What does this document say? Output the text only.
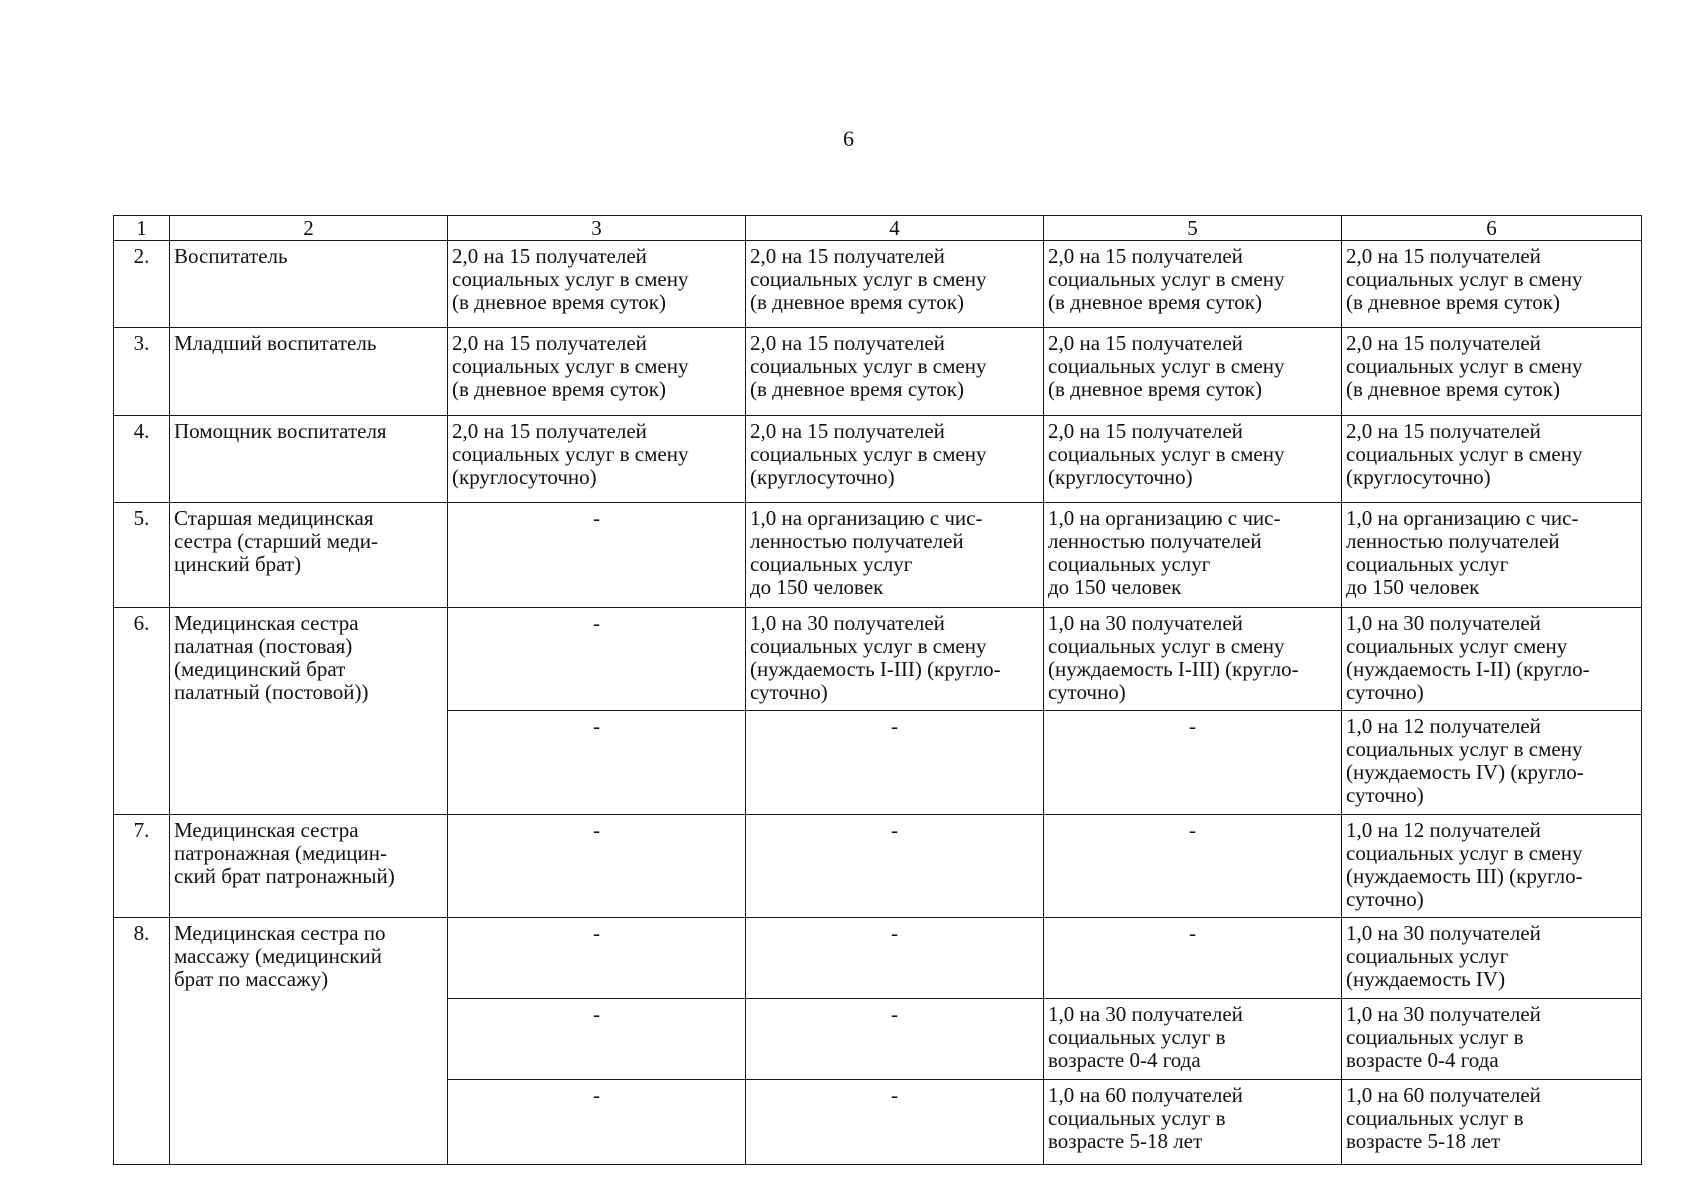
6
1	2	3	4	5	6
2.	Воспитатель	2,0 на 15 получателей
социальных услуг в смену
(в дневное время суток)	2,0 на 15 получателей
социальных услуг в смену
(в дневное время суток)	2,0 на 15 получателей
социальных услуг в смену
(в дневное время суток)	2,0 на 15 получателей
социальных услуг в смену
(в дневное время суток)
3.	Младший воспитатель	2,0 на 15 получателей
социальных услуг в смену
(в дневное время суток)	2,0 на 15 получателей
социальных услуг в смену
(в дневное время суток)	2,0 на 15 получателей
социальных услуг в смену
(в дневное время суток)	2,0 на 15 получателей
социальных услуг в смену
(в дневное время суток)
4.	Помощник воспитателя	2,0 на 15 получателей
социальных услуг в смену
(круглосуточно)	2,0 на 15 получателей
социальных услуг в смену
(круглосуточно)	2,0 на 15 получателей
социальных услуг в смену
(круглосуточно)	2,0 на 15 получателей
социальных услуг в смену
(круглосуточно)
5.	Старшая медицинская
сестра (старший меди-
цинский брат)	-	1,0 на организацию с чис-
ленностью получателей
социальных услуг
до 150 человек	1,0 на организацию с чис-
ленностью получателей
социальных услуг
до 150 человек	1,0 на организацию с чис-
ленностью получателей
социальных услуг
до 150 человек
6.	Медицинская сестра
палатная (постовая)
(медицинский брат
палатный (постовой))	-	1,0 на 30 получателей
социальных услуг в смену
(нуждаемость I-III) (кругло-
суточно)	1,0 на 30 получателей
социальных услуг в смену
(нуждаемость I-III) (кругло-
суточно)	1,0 на 30 получателей
социальных услуг смену
(нуждаемость I-II) (кругло-
суточно)
		-	-	-	1,0 на 12 получателей
социальных услуг в смену
(нуждаемость IV) (кругло-
суточно)
7.	Медицинская сестра
патронажная (медицин-
ский брат патронажный)	-	-	-	1,0 на 12 получателей
социальных услуг в смену
(нуждаемость III) (кругло-
суточно)
8.	Медицинская сестра по
массажу (медицинский
брат по массажу)	-	-	-	1,0 на 30 получателей
социальных услуг
(нуждаемость IV)
		-	-	1,0 на 30 получателей
социальных услуг в
возрасте 0-4 года	1,0 на 30 получателей
социальных услуг в
возрасте 0-4 года
		-	-	1,0 на 60 получателей
социальных услуг в
возрасте 5-18 лет	1,0 на 60 получателей
социальных услуг в
возрасте 5-18 лет
